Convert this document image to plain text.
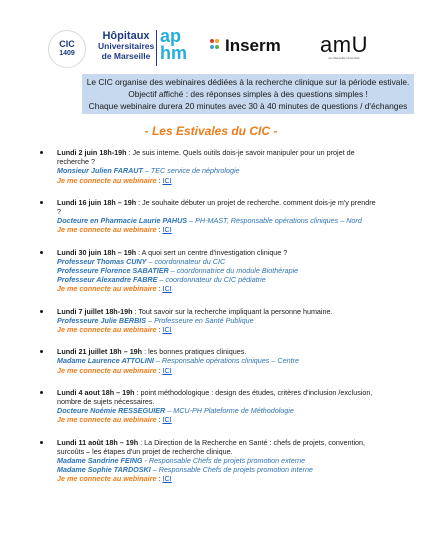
CIC
1409
Hôpitaux
Universitaires
de Marseille
ap
hm Inserm amU
Aix Marseille Université
Le CIC organise des webinaires dédiées à la recherche clinique sur la période estivale.
Objectif affiché : des réponses simples à des questions simples !
Chaque webinaire durera 20 minutes avec 30 à 40 minutes de questions / d'échanges
- Les Estivales du CIC -
Lundi 2 juin 18h-19h : Je suis interne. Quels outils dois-je savoir manipuler pour un projet de recherche ?
Monsieur Julien FARAUT – TEC service de néphrologie
Je me connecte au webinaire : ICI
Lundi 16 juin 18h – 19h : Je souhaite débuter un projet de recherche. comment dois-je m'y prendre ?
Docteure en Pharmacie Laurie PAHUS – PH-MAST, Responsable opérations cliniques – Nord
Je me connecte au webinaire : ICI
Lundi 30 juin 18h – 19h : A quoi sert un centre d'investigation clinique ?
Professeur Thomas CUNY – coordonnateur du CIC
Professeure Florence SABATIER – coordonnatrice du module Biothérapie
Professeur Alexandre FABRE – coordonnateur du CIC pédiatrie
Je me connecte au webinaire : ICI
Lundi 7 juillet 18h-19h : Tout savoir sur la recherche impliquant la personne humaine.
Professeure Julie BERBIS – Professeure en Santé Publique
Je me connecte au webinaire : ICI
Lundi 21 juillet 18h – 19h : les bonnes pratiques cliniques.
Madame Laurence ATTOLINI – Responsable opérations cliniques – Centre
Je me connecte au webinaire : ICI
Lundi 4 aout 18h – 19h : point méthodologique : design des études, critères d'inclusion /exclusion, nombre de sujets nécessaires.
Docteure Noémie RESSEGUIER – MCU-PH Plateforme de Méthodologie
Je me connecte au webinaire : ICI
Lundi 11 août 18h – 19h : La Direction de la Recherche en Santé : chefs de projets, convention, surcoûts – les étapes d'un projet de recherche clinique.
Madame Sandrine FEING - Responsable Chefs de projets promotion externe
Madame Sophie TARDOSKI – Responsable Chefs de projets promotion interne
Je me connecte au webinaire : ICI
